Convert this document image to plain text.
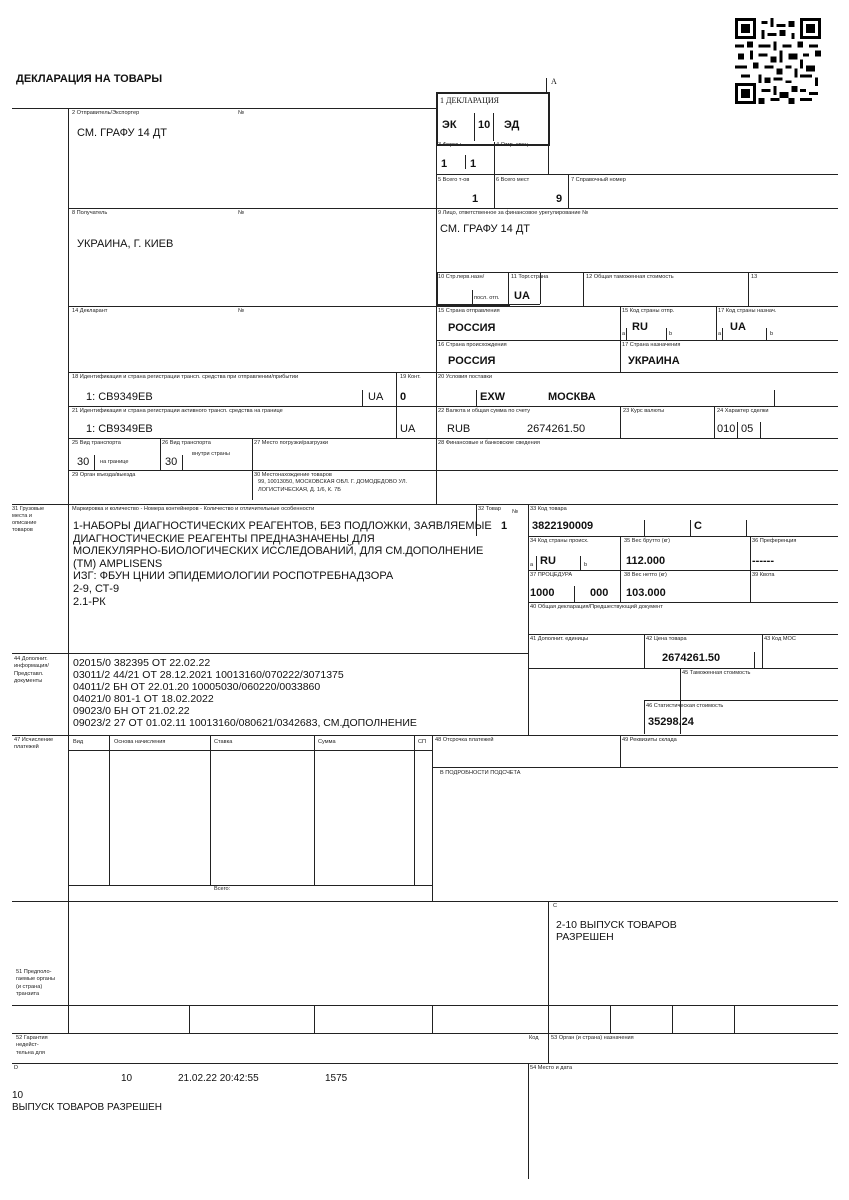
ДЕКЛАРАЦИЯ НА ТОВАРЫ	A
1 ДЕКЛАРАЦИЯ
ЭК 10 ЭД
2 Отправитель/Экспортер	№
СМ. ГРАФУ 14 ДТ
3 Формы
1 1
4 Отгр. спец.
5 Всего т-ов
1
6 Всего мест
9
7 Справочный номер
8 Получатель	№
УКРАИНА, Г. КИЕВ
9 Лицо, ответственное за финансовое урегулирование №
СМ. ГРАФУ 14 ДТ
10 Стр.перв.назн/
посл. отп.
11 Торг.страна
UA
12 Общая таможенная стоимость	13
14 Декларант	№	15 Страна отправления
РОССИЯ
15 Код страны отпр.
a
RU
b
17 Код страны назнач.
a
UA
b
16 Страна происхождения
РОССИЯ
17 Страна назначения
УКРАИНА
18 Идентификация и страна регистрации трансп. средства при отправлении/прибытии
1: СВ9349ЕВ	UA
19 Конт.
0
20 Условия поставки
EXW	МОСКВА
21 Идентификация и страна регистрации активного трансп. средства на границе
1: СВ9349ЕВ	UA
22 Валюта и общая сумма по счету
RUB	2674261.50
23 Курс валюты	24 Характер сделки
010 05
25 Вид транспорта
30 на границе
26 Вид транспорта
внутри страны
30
27 Место погрузки/разгрузки	28 Финансовые и банковские сведения
29 Орган въезда/выезда	30 Местонахождение товаров
99, 10013050, МОСКОВСКАЯ ОБЛ. Г. ДОМОДЕДОВО УЛ.
ЛОГИСТИЧЕСКАЯ, Д. 1/6, К. 7Б
31 Грузовые
места и
описание
товаров
Маркировка и количество - Номера контейнеров - Количество и отличительные особенности
1-НАБОРЫ ДИАГНОСТИЧЕСКИХ РЕАГЕНТОВ, БЕЗ ПОДЛОЖКИ, ЗАЯВЛЯЕМЫЕ
ДИАГНОСТИЧЕСКИЕ РЕАГЕНТЫ ПРЕДНАЗНАЧЕНЫ ДЛЯ
МОЛЕКУЛЯРНО-БИОЛОГИЧЕСКИХ ИССЛЕДОВАНИЙ, ДЛЯ СМ.ДОПОЛНЕНИЕ
(ТМ) AMPLISENS
ИЗГ: ФБУН ЦНИИ ЭПИДЕМИОЛОГИИ РОСПОТРЕБНАДЗОРА
2-9, СТ-9
2.1-РК
32 Товар №
1
33 Код товара
3822190009	С
34 Код страны происх.
a RU	b
35 Вес брутто (кг)
112.000
36 Преференция
------
37 ПРОЦЕДУРА
1000	000
38 Вес нетто (кг)
103.000
39 Квота
40 Общая декларация/Предшествующий документ
41 Дополнит. единицы	42 Цена товара
2674261.50
43 Код МОС
44 Дополнит.
информация/
Представл.
документы
02015/0 382395 ОТ 22.02.22
03011/2 44/21 ОТ 28.12.2021 10013160/070222/3071375
04011/2 БН ОТ 22.01.20 10005030/060220/0033860
04021/0 801-1 ОТ 18.02.2022
09023/0 БН ОТ 21.02.22
09023/2 27 ОТ 01.02.11 10013160/080621/0342683, СМ.ДОПОЛНЕНИЕ
45 Таможенная стоимость
46 Статистическая стоимость
35298.24
47 Исчисление
платежей
Вид	Основа начисления	Ставка	Сумма	СП
Всего:
48 Отсрочка платежей
В ПОДРОБНОСТИ ПОДСЧЕТА
49 Реквизиты склада
С
2-10 ВЫПУСК ТОВАРОВ
РАЗРЕШЕН
51 Предполо-
гаемые органы
(и страна)
транзита
52 Гарантия
недейст-
тельна для
Код 53 Орган (и страна) назначения
D
10	21.02.22 20:42:55	1575
10
ВЫПУСК ТОВАРОВ РАЗРЕШЕН
54 Место и дата
